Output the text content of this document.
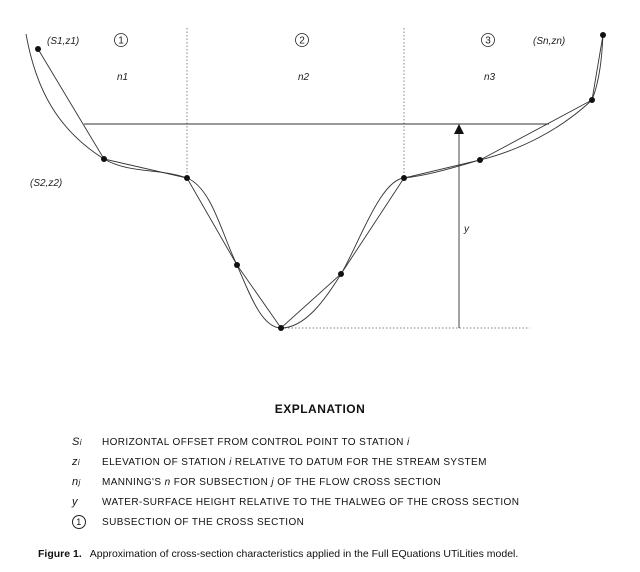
1	2	3
(S1,z1)	(Sn,zn)
(S2,z2)
n1	n2	n3
y
EXPLANATION
S i HORIZONTAL OFFSET FROM CONTROL POINT TO STATION i
z i ELEVATION OF STATION i RELATIVE TO DATUM FOR THE STREAM SYSTEM
n j MANNING'S n FOR SUBSECTION j OF THE FLOW CROSS SECTION
y	WATER-SURFACE HEIGHT RELATIVE TO THE THALWEG OF THE CROSS SECTION
1	SUBSECTION OF THE CROSS SECTION
Figure 1. Approximation of cross-section characteristics applied in the Full EQuations UTiLities model.
